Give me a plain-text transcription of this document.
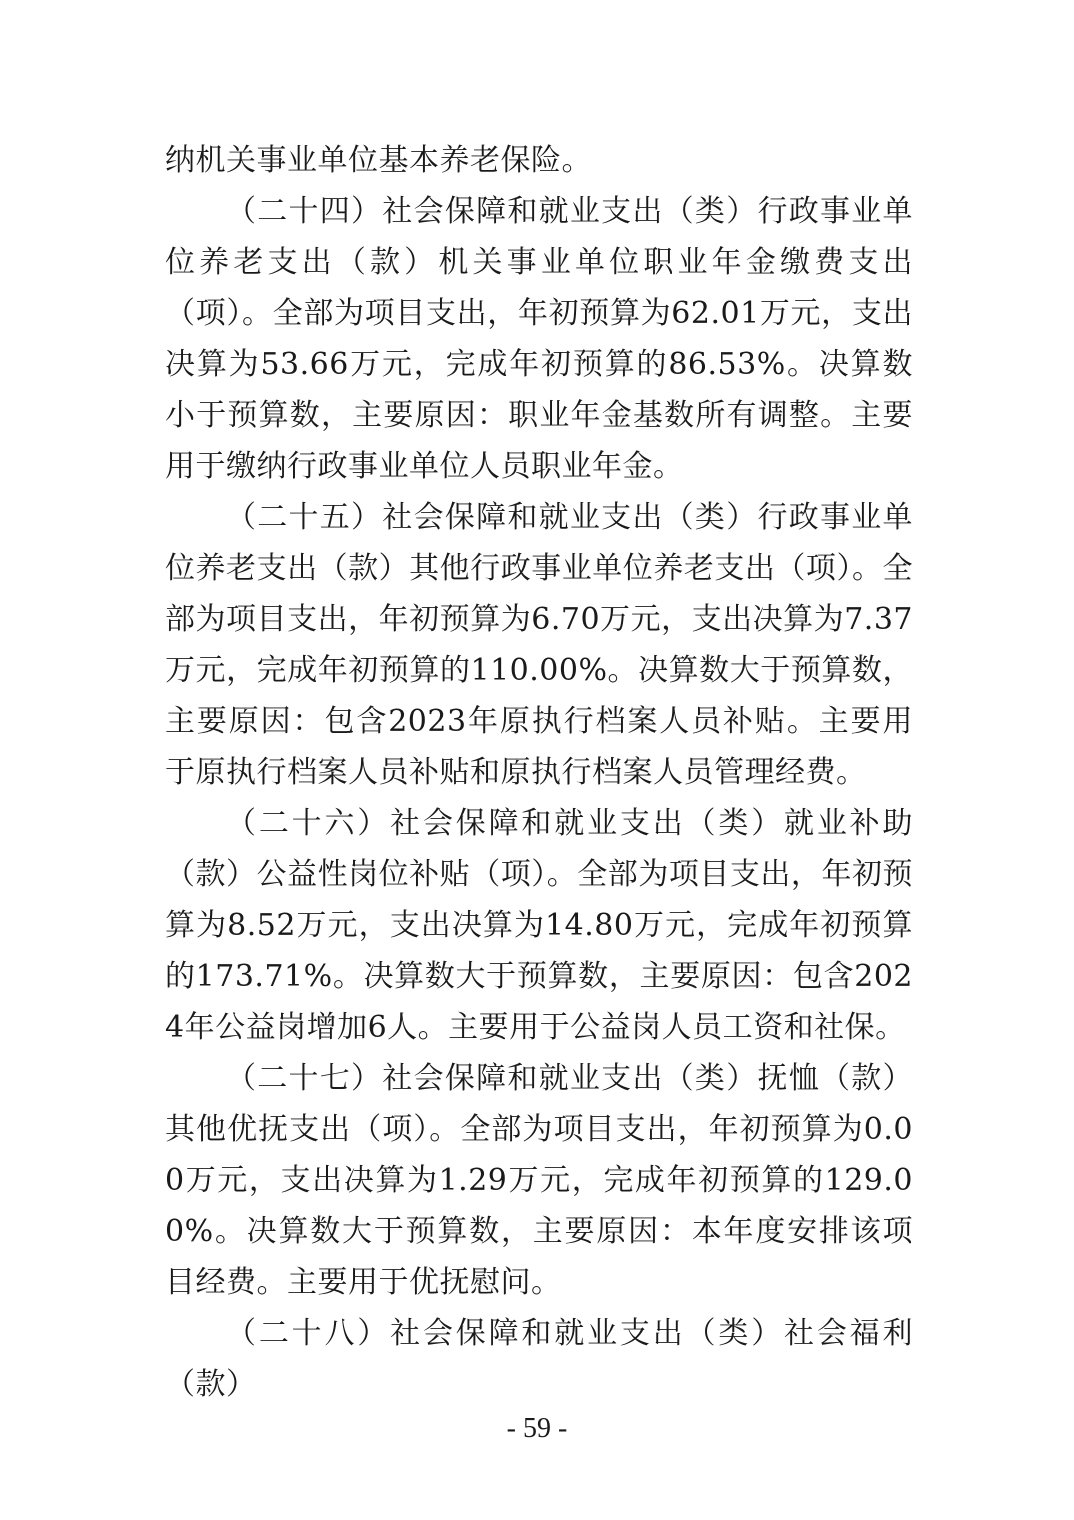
纳机关事业单位基本养老保险。

（二十四）社会保障和就业支出（类）行政事业单位养老支出（款）机关事业单位职业年金缴费支出（项）。全部为项目支出，年初预算为62.01万元，支出决算为53.66万元，完成年初预算的86.53%。决算数小于预算数，主要原因：职业年金基数所有调整。主要用于缴纳行政事业单位人员职业年金。

（二十五）社会保障和就业支出（类）行政事业单位养老支出（款）其他行政事业单位养老支出（项）。全部为项目支出，年初预算为6.70万元，支出决算为7.37万元，完成年初预算的110.00%。决算数大于预算数，主要原因：包含2023年原执行档案人员补贴。主要用于原执行档案人员补贴和原执行档案人员管理经费。

（二十六）社会保障和就业支出（类）就业补助（款）公益性岗位补贴（项）。全部为项目支出，年初预算为8.52万元，支出决算为14.80万元，完成年初预算的173.71%。决算数大于预算数，主要原因：包含2024年公益岗增加6人。主要用于公益岗人员工资和社保。

（二十七）社会保障和就业支出（类）抚恤（款）其他优抚支出（项）。全部为项目支出，年初预算为0.00万元，支出决算为1.29万元，完成年初预算的129.00%。决算数大于预算数，主要原因：本年度安排该项目经费。主要用于优抚慰问。

（二十八）社会保障和就业支出（类）社会福利（款）

- 59 -
